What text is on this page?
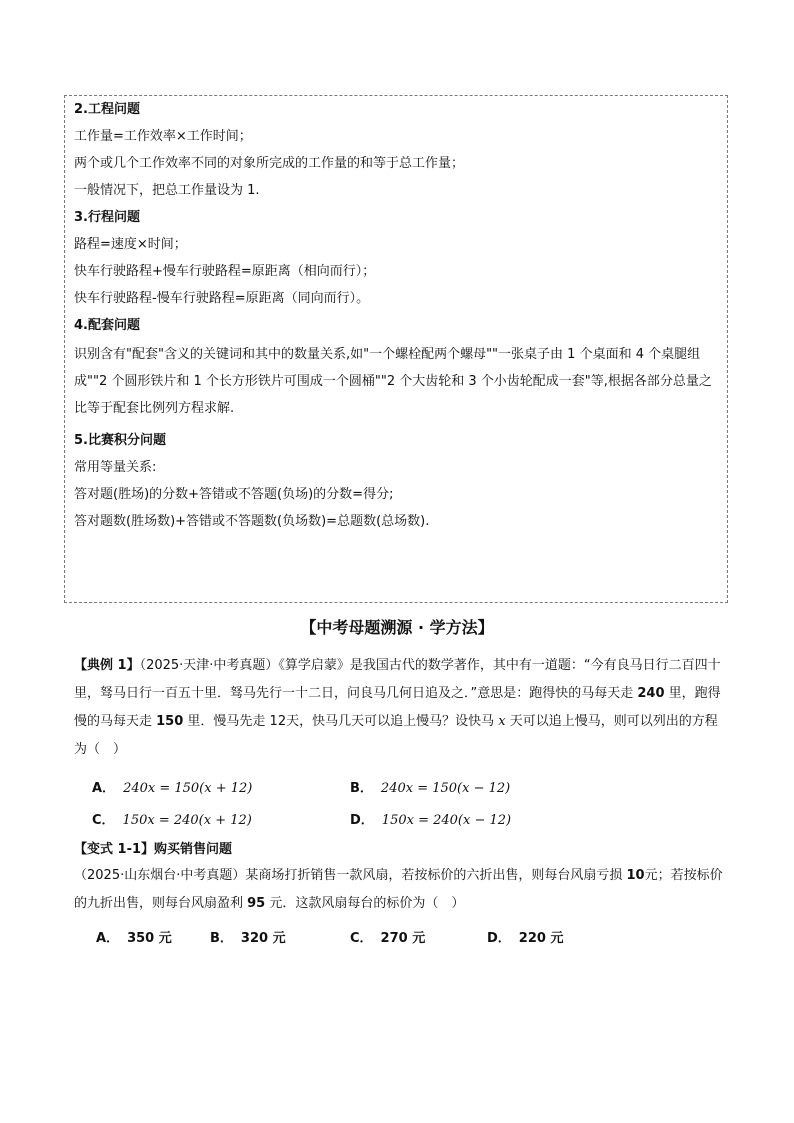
2.工程问题

工作量=工作效率×工作时间；

两个或几个工作效率不同的对象所完成的工作量的和等于总工作量；

一般情况下，把总工作量设为 1.

3.行程问题

路程=速度×时间；

快车行驶路程+慢车行驶路程=原距离（相向而行）；

快车行驶路程-慢车行驶路程=原距离（同向而行）。

4.配套问题

识别含有"配套"含义的关键词和其中的数量关系,如"一个螺栓配两个螺母""一张桌子由 1 个桌面和 4 个桌腿组成""2 个圆形铁片和 1 个长方形铁片可围成一个圆桶""2 个大齿轮和 3 个小齿轮配成一套"等,根据各部分总量之比等于配套比例列方程求解.

5.比赛积分问题

常用等量关系:

答对题(胜场)的分数+答错或不答题(负场)的分数=得分;

答对题数(胜场数)+答错或不答题数(负场数)=总题数(总场数).

【中考母题溯源 · 学方法】
【典例 1】（2025·天津·中考真题）《算学启蒙》是我国古代的数学著作，其中有一道题：“今有良马日行二百四十里，驽马日行一百五十里．驽马先行一十二日，问良马几何日追及之．”意思是：跑得快的马每天走 240 里，跑得慢的马每天走 150 里．慢马先走 12天，快马几天可以追上慢马？设快马 x 天可以追上慢马，则可以列出的方程为（　）
A． 240x = 150(x + 12)	B． 240x = 150(x − 12)
C． 150x = 240(x + 12)	D． 150x = 240(x − 12)
【变式 1-1】购买销售问题
（2025·山东烟台·中考真题）某商场打折销售一款风扇，若按标价的六折出售，则每台风扇亏损 10元；若按标价的九折出售，则每台风扇盈利 95 元．这款风扇每台的标价为（　）
A． 350 元	B． 320 元	C． 270 元	D． 220 元
